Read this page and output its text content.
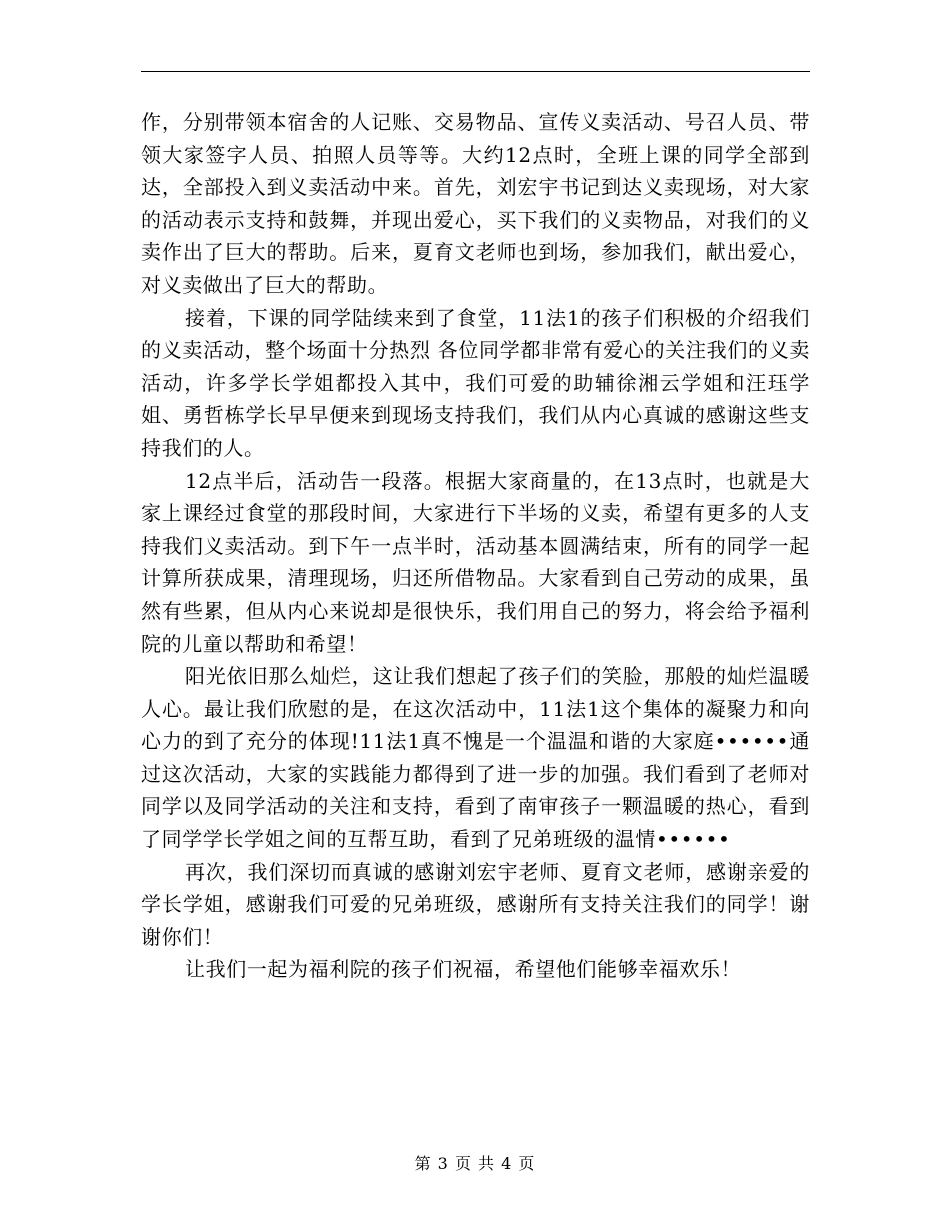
作，分别带领本宿舍的人记账、交易物品、宣传义卖活动、号召人员、带领大家签字人员、拍照人员等等。大约12点时，全班上课的同学全部到达，全部投入到义卖活动中来。首先，刘宏宇书记到达义卖现场，对大家的活动表示支持和鼓舞，并现出爱心，买下我们的义卖物品，对我们的义卖作出了巨大的帮助。后来，夏育文老师也到场，参加我们，献出爱心，对义卖做出了巨大的帮助。

接着，下课的同学陆续来到了食堂，11法1的孩子们积极的介绍我们的义卖活动，整个场面十分热烈 各位同学都非常有爱心的关注我们的义卖活动，许多学长学姐都投入其中，我们可爱的助辅徐湘云学姐和汪珏学姐、勇哲栋学长早早便来到现场支持我们，我们从内心真诚的感谢这些支持我们的人。

12点半后，活动告一段落。根据大家商量的，在13点时，也就是大家上课经过食堂的那段时间，大家进行下半场的义卖，希望有更多的人支持我们义卖活动。到下午一点半时，活动基本圆满结束，所有的同学一起计算所获成果，清理现场，归还所借物品。大家看到自己劳动的成果，虽然有些累，但从内心来说却是很快乐，我们用自己的努力，将会给予福利院的儿童以帮助和希望！

阳光依旧那么灿烂，这让我们想起了孩子们的笑脸，那般的灿烂温暖人心。最让我们欣慰的是，在这次活动中，11法1这个集体的凝聚力和向心力的到了充分的体现!11法1真不愧是一个温温和谐的大家庭••••••通过这次活动，大家的实践能力都得到了进一步的加强。我们看到了老师对同学以及同学活动的关注和支持，看到了南审孩子一颗温暖的热心，看到了同学学长学姐之间的互帮互助，看到了兄弟班级的温情••••••

再次，我们深切而真诚的感谢刘宏宇老师、夏育文老师，感谢亲爱的学长学姐，感谢我们可爱的兄弟班级，感谢所有支持关注我们的同学！谢谢你们！

让我们一起为福利院的孩子们祝福，希望他们能够幸福欢乐！

第 3 页 共 4 页
